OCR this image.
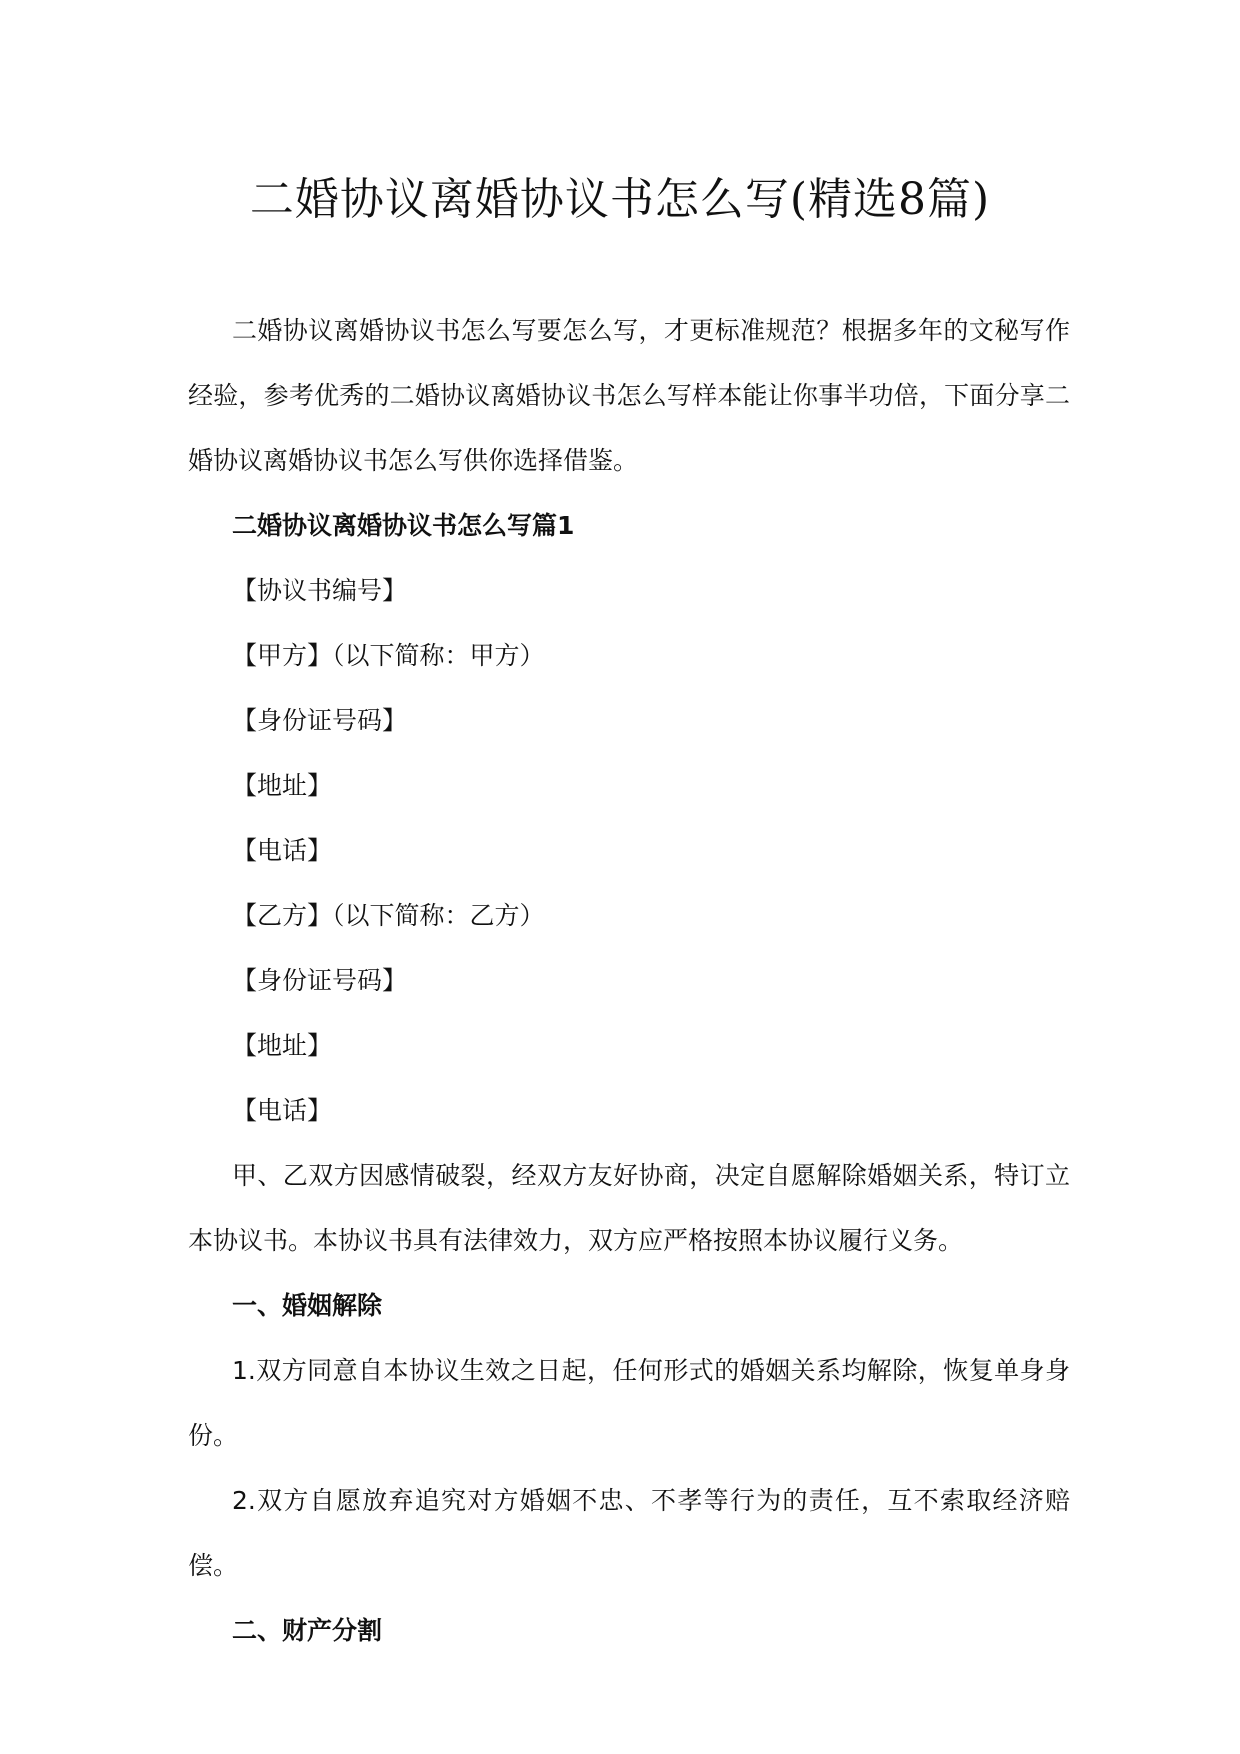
二婚协议离婚协议书怎么写(精选8篇)

二婚协议离婚协议书怎么写要怎么写，才更标准规范？根据多年的文秘写作经验，参考优秀的二婚协议离婚协议书怎么写样本能让你事半功倍，下面分享二婚协议离婚协议书怎么写供你选择借鉴。

二婚协议离婚协议书怎么写篇1

【协议书编号】

【甲方】（以下简称：甲方）

【身份证号码】

【地址】

【电话】

【乙方】（以下简称：乙方）

【身份证号码】

【地址】

【电话】

甲、乙双方因感情破裂，经双方友好协商，决定自愿解除婚姻关系，特订立本协议书。本协议书具有法律效力，双方应严格按照本协议履行义务。

一、婚姻解除

1.双方同意自本协议生效之日起，任何形式的婚姻关系均解除，恢复单身身份。

2.双方自愿放弃追究对方婚姻不忠、不孝等行为的责任，互不索取经济赔偿。

二、财产分割
